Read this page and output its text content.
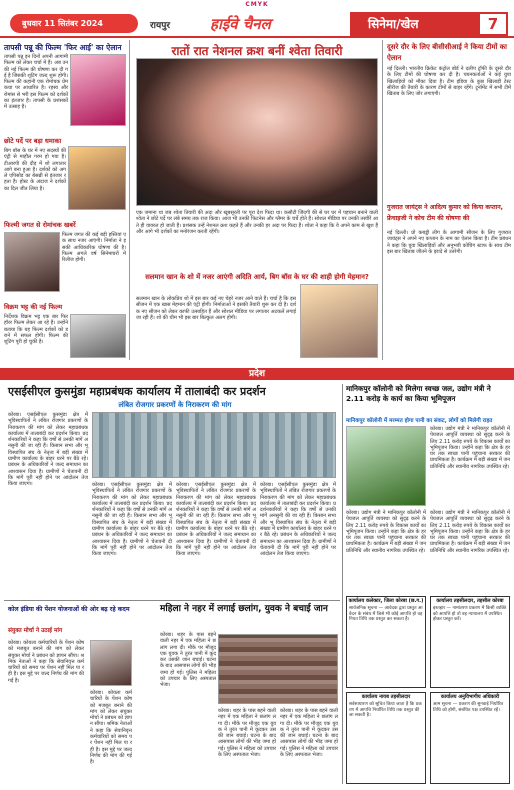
CMYK
बुधवार 11 सितंबर 2024	रायपुर	हाईवे चैनल	सिनेमा/खेल	7
तापसी पन्नू की फिल्म 'फिर आई' का ऐलान
तापसी पन्नू इन दिनों अपनी आगामी फिल्म को लेकर चर्चा में हैं। अब उनकी नई फिल्म की घोषणा कर दी गई है जिसकी शूटिंग जल्द शुरू होगी। फिल्म की कहानी एक रोमांचक प्रेम कथा पर आधारित है। रहस्य और रोमांस से भरी इस फिल्म को दर्शकों का इंतजार है। तापसी के प्रशंसकों में उत्साह है।
छोटे पर्दे पर बड़ा धमाका
बिग बॉस के घर में नए सदस्यों की एंट्री से माहौल गरम हो गया है। टीआरपी की दौड़ में शो लगातार आगे बना हुआ है। दर्शकों को अगले एपिसोड का बेसब्री से इंतजार रहता है। होस्ट के अंदाज ने दर्शकों का दिल जीत लिया है।
फिल्मी जगत से रोमांचक खबरें
फिल्म जगत की कई बड़ी हस्तियां एक साथ नजर आएंगी। निर्माता ने इसकी आधिकारिक घोषणा की है। फिल्म अगले वर्ष सिनेमाघरों में रिलीज होगी।
विक्रम भट्ट की नई फिल्म
निर्देशक विक्रम भट्ट एक बार फिर हॉरर फिल्म लेकर आ रहे हैं। उन्होंने बताया कि यह फिल्म दर्शकों को डराने में सफल होगी। फिल्म की शूटिंग पूरी हो चुकी है।
रातों रात नेशनल क्रश बनीं श्वेता तिवारी
एक जमाना था जब श्वेता तिवारी की अदा और खूबसूरती पर पूरा देश फिदा था। कसौटी जिंदगी की से घर घर में पहचान बनाने वाली श्वेता ने छोटे पर्दे पर लंबे समय तक राज किया। आज भी उनकी फिटनेस और ग्लैमर के चर्चे होते हैं। सोशल मीडिया पर उनकी तस्वीरें आते ही वायरल हो जाती हैं। प्रशंसक उन्हें नेशनल क्रश कहते हैं और उनकी हर अदा पर फिदा हैं। श्वेता ने कहा कि वे अपने काम से खुश हैं और आगे भी दर्शकों का मनोरंजन करती रहेंगी।
सलमान खान के शो में नजर आएंगी अदिति आर्य, बिग बॉस के घर की शाही होगी मेहमान?
सलमान खान के लोकप्रिय शो में इस बार कई नए चेहरे नजर आने वाले हैं। चर्चा है कि इस सीजन में एक खास मेहमान की एंट्री होगी। निर्माताओं ने इसकी तैयारी शुरू कर दी है। दर्शक नए सीजन को लेकर काफी उत्साहित हैं और सोशल मीडिया पर लगातार अटकलें लगाई जा रही हैं। शो की थीम भी इस बार बिल्कुल अलग होगी।
दूसरे दौर के लिए बीसीसीआई ने किया टीमों का ऐलान
नई दिल्ली। भारतीय क्रिकेट कंट्रोल बोर्ड ने दलीप ट्रॉफी के दूसरे दौर के लिए टीमों की घोषणा कर दी है। चयनकर्ताओं ने कई युवा खिलाड़ियों को मौका दिया है। टीम इंडिया के कुछ खिलाड़ी टेस्ट सीरीज की तैयारी के कारण टीमों से बाहर रहेंगे। टूर्नामेंट में सभी टीमें खिताब के लिए जोर लगाएंगी।
गुजरात जायंट्स ने आदित्य कुमार को किया कप्तान, फ्रेंचाइजी ने कोच टीम की घोषणा की
नई दिल्ली। प्रो कबड्डी लीग के आगामी सीजन के लिए गुजरात जायंट्स ने अपने नए कप्तान के नाम का ऐलान किया है। टीम प्रबंधन ने कहा कि युवा खिलाड़ियों और अनुभवी कोचिंग स्टाफ के साथ टीम इस बार खिताब जीतने के इरादे से उतरेगी।
प्रदेश
एसईसीएल कुसमुंडा महाप्रबंधक कार्यालय में तालाबंदी कर प्रदर्शन
लंबित रोजगार प्रकरणों के निराकरण की मांग
कोरबा। एसईसीएल कुसमुंडा क्षेत्र में भूविस्थापितों ने लंबित रोजगार प्रकरणों के निराकरण की मांग को लेकर महाप्रबंधक कार्यालय में तालाबंदी कर प्रदर्शन किया। प्रदर्शनकारियों ने कहा कि वर्षों से उनकी मांगें अनसुनी की जा रही हैं। किसान सभा और भू विस्थापित संघ के नेतृत्व में बड़ी संख्या में ग्रामीण कार्यालय के बाहर धरने पर बैठे रहे। प्रबंधन के अधिकारियों ने जल्द समाधान का आश्वासन दिया है। ग्रामीणों ने चेतावनी दी कि मांगें पूरी नहीं होने पर आंदोलन तेज किया जाएगा।	कोरबा। एसईसीएल कुसमुंडा क्षेत्र में भूविस्थापितों ने लंबित रोजगार प्रकरणों के निराकरण की मांग को लेकर महाप्रबंधक कार्यालय में तालाबंदी कर प्रदर्शन किया। प्रदर्शनकारियों ने कहा कि वर्षों से उनकी मांगें अनसुनी की जा रही हैं। किसान सभा और भू विस्थापित संघ के नेतृत्व में बड़ी संख्या में ग्रामीण कार्यालय के बाहर धरने पर बैठे रहे। प्रबंधन के अधिकारियों ने जल्द समाधान का आश्वासन दिया है। ग्रामीणों ने चेतावनी दी कि मांगें पूरी नहीं होने पर आंदोलन तेज किया जाएगा।
कोरबा। एसईसीएल कुसमुंडा क्षेत्र में भूविस्थापितों ने लंबित रोजगार प्रकरणों के निराकरण की मांग को लेकर महाप्रबंधक कार्यालय में तालाबंदी कर प्रदर्शन किया। प्रदर्शनकारियों ने कहा कि वर्षों से उनकी मांगें अनसुनी की जा रही हैं। किसान सभा और भू विस्थापित संघ के नेतृत्व में बड़ी संख्या में ग्रामीण कार्यालय के बाहर धरने पर बैठे रहे। प्रबंधन के अधिकारियों ने जल्द समाधान का आश्वासन दिया है। ग्रामीणों ने चेतावनी दी कि मांगें पूरी नहीं होने पर आंदोलन तेज किया जाएगा।
कोरबा। एसईसीएल कुसमुंडा क्षेत्र में भूविस्थापितों ने लंबित रोजगार प्रकरणों के निराकरण की मांग को लेकर महाप्रबंधक कार्यालय में तालाबंदी कर प्रदर्शन किया। प्रदर्शनकारियों ने कहा कि वर्षों से उनकी मांगें अनसुनी की जा रही हैं। किसान सभा और भू विस्थापित संघ के नेतृत्व में बड़ी संख्या में ग्रामीण कार्यालय के बाहर धरने पर बैठे रहे। प्रबंधन के अधिकारियों ने जल्द समाधान का आश्वासन दिया है। ग्रामीणों ने चेतावनी दी कि मांगें पूरी नहीं होने पर आंदोलन तेज किया जाएगा।
कोल इंडिया की पेंशन योजनाओं की ओर बढ़ रहे कदम
संयुक्त मोर्चा ने उठाई मांग
कोरबा। कोयला कर्मचारियों के पेंशन कोष को मजबूत बनाने की मांग को लेकर संयुक्त मोर्चा ने प्रबंधन को ज्ञापन सौंपा। श्रमिक नेताओं ने कहा कि सेवानिवृत्त कर्मचारियों को समय पर पेंशन नहीं मिल पा रही है। इस मुद्दे पर जल्द निर्णय की मांग की गई है।
कोरबा। कोयला कर्मचारियों के पेंशन कोष को मजबूत बनाने की मांग को लेकर संयुक्त मोर्चा ने प्रबंधन को ज्ञापन सौंपा। श्रमिक नेताओं ने कहा कि सेवानिवृत्त कर्मचारियों को समय पर पेंशन नहीं मिल पा रही है। इस मुद्दे पर जल्द निर्णय की मांग की गई है।
महिला ने नहर में लगाई छलांग, युवक ने बचाई जान
कोरबा। शहर के पास बहने वाली नहर में एक महिला ने छलांग लगा दी। मौके पर मौजूद एक युवक ने तुरंत पानी में कूदकर उसकी जान बचाई। घटना के बाद आसपास लोगों की भीड़ जमा हो गई। पुलिस ने महिला को उपचार के लिए अस्पताल भेजा।
कोरबा। शहर के पास बहने वाली नहर में एक महिला ने छलांग लगा दी। मौके पर मौजूद एक युवक ने तुरंत पानी में कूदकर उसकी जान बचाई। घटना के बाद आसपास लोगों की भीड़ जमा हो गई। पुलिस ने महिला को उपचार के लिए अस्पताल भेजा।
कोरबा। शहर के पास बहने वाली नहर में एक महिला ने छलांग लगा दी। मौके पर मौजूद एक युवक ने तुरंत पानी में कूदकर उसकी जान बचाई। घटना के बाद आसपास लोगों की भीड़ जमा हो गई। पुलिस ने महिला को उपचार के लिए अस्पताल भेजा।
मानिकपुर कॉलोनी को मिलेगा स्वच्छ जल, उद्योग मंत्री ने 2.11 करोड़ के कार्य का किया भूमिपूजन
मानिकपुर कॉलोनी में मरम्मत होगा पानी का संकट, लोगों को मिलेगी राहत
कोरबा। उद्योग मंत्री ने मानिकपुर कॉलोनी में पेयजल आपूर्ति व्यवस्था को सुदृढ़ करने के लिए 2.11 करोड़ रुपये के विकास कार्यों का भूमिपूजन किया। उन्होंने कहा कि क्षेत्र के हर घर तक स्वच्छ पानी पहुंचाना सरकार की प्राथमिकता है। कार्यक्रम में बड़ी संख्या में जनप्रतिनिधि और स्थानीय नागरिक उपस्थित रहे।
कोरबा। उद्योग मंत्री ने मानिकपुर कॉलोनी में पेयजल आपूर्ति व्यवस्था को सुदृढ़ करने के लिए 2.11 करोड़ रुपये के विकास कार्यों का भूमिपूजन किया। उन्होंने कहा कि क्षेत्र के हर घर तक स्वच्छ पानी पहुंचाना सरकार की प्राथमिकता है। कार्यक्रम में बड़ी संख्या में जनप्रतिनिधि और स्थानीय नागरिक उपस्थित रहे।
कोरबा। उद्योग मंत्री ने मानिकपुर कॉलोनी में पेयजल आपूर्ति व्यवस्था को सुदृढ़ करने के लिए 2.11 करोड़ रुपये के विकास कार्यों का भूमिपूजन किया। उन्होंने कहा कि क्षेत्र के हर घर तक स्वच्छ पानी पहुंचाना सरकार की प्राथमिकता है। कार्यक्रम में बड़ी संख्या में जनप्रतिनिधि और स्थानीय नागरिक उपस्थित रहे।
कार्यालय कलेक्टर, जिला कोरबा (छ.ग.)
सार्वजनिक सूचना — आवेदक द्वारा प्रस्तुत आवेदन के संबंध में जिसे भी कोई आपत्ति हो वह नियत तिथि तक प्रस्तुत कर सकता है।
कार्यालय तहसीलदार, तहसील कोरबा
इश्तहार — नामांतरण प्रकरण में किसी व्यक्ति को आपत्ति हो तो वह न्यायालय में उपस्थित होकर प्रस्तुत करें।
कार्यालय नायब तहसीलदार
सर्वसाधारण को सूचित किया जाता है कि प्रकरण में आपत्ति निर्धारित तिथि तक प्रस्तुत की जा सकती है।
कार्यालय अनुविभागीय अधिकारी
आम सूचना — प्रकरण की सुनवाई निर्धारित तिथि को होगी, संबंधित पक्ष उपस्थित रहें।
